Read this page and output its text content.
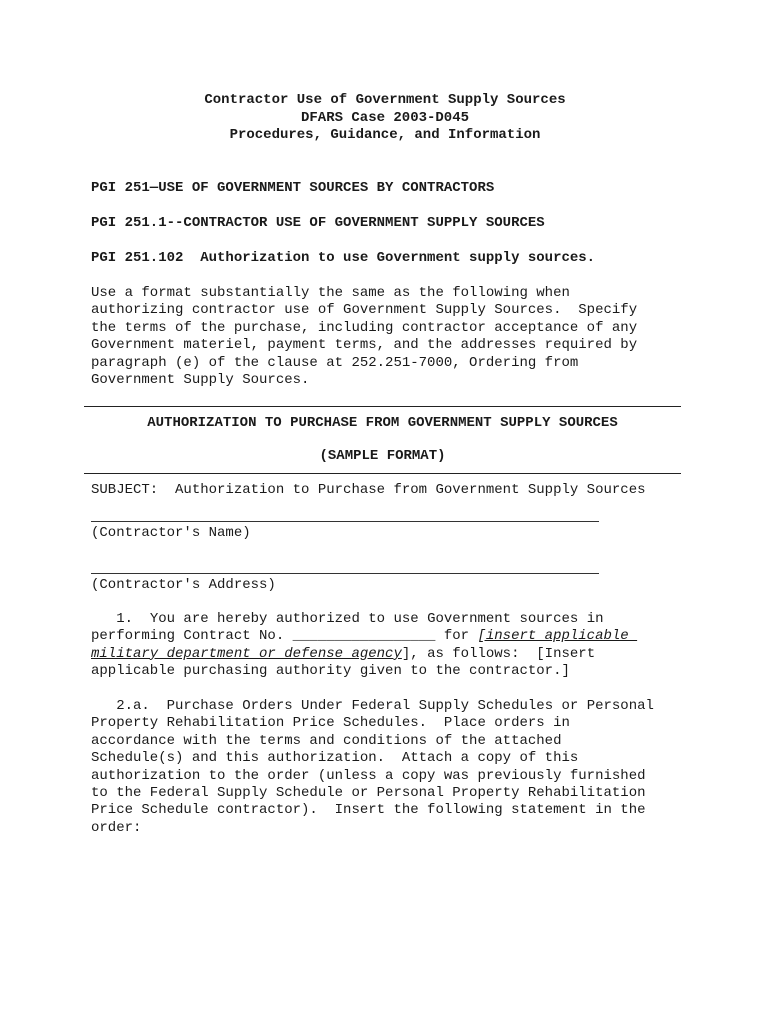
Contractor Use of Government Supply Sources
DFARS Case 2003-D045
Procedures, Guidance, and Information
PGI 251—USE OF GOVERNMENT SOURCES BY CONTRACTORS
PGI 251.1--CONTRACTOR USE OF GOVERNMENT SUPPLY SOURCES
PGI 251.102  Authorization to use Government supply sources.
Use a format substantially the same as the following when
authorizing contractor use of Government Supply Sources.  Specify
the terms of the purchase, including contractor acceptance of any
Government materiel, payment terms, and the addresses required by
paragraph (e) of the clause at 252.251-7000, Ordering from
Government Supply Sources.
AUTHORIZATION TO PURCHASE FROM GOVERNMENT SUPPLY SOURCES
(SAMPLE FORMAT)
SUBJECT:  Authorization to Purchase from Government Supply Sources
(Contractor's Name)
(Contractor's Address)
1.  You are hereby authorized to use Government sources in
performing Contract No. _________________ for [insert applicable
military department or defense agency], as follows:  [Insert
applicable purchasing authority given to the contractor.]
2.a.  Purchase Orders Under Federal Supply Schedules or Personal
Property Rehabilitation Price Schedules.  Place orders in
accordance with the terms and conditions of the attached
Schedule(s) and this authorization.  Attach a copy of this
authorization to the order (unless a copy was previously furnished
to the Federal Supply Schedule or Personal Property Rehabilitation
Price Schedule contractor).  Insert the following statement in the
order:
